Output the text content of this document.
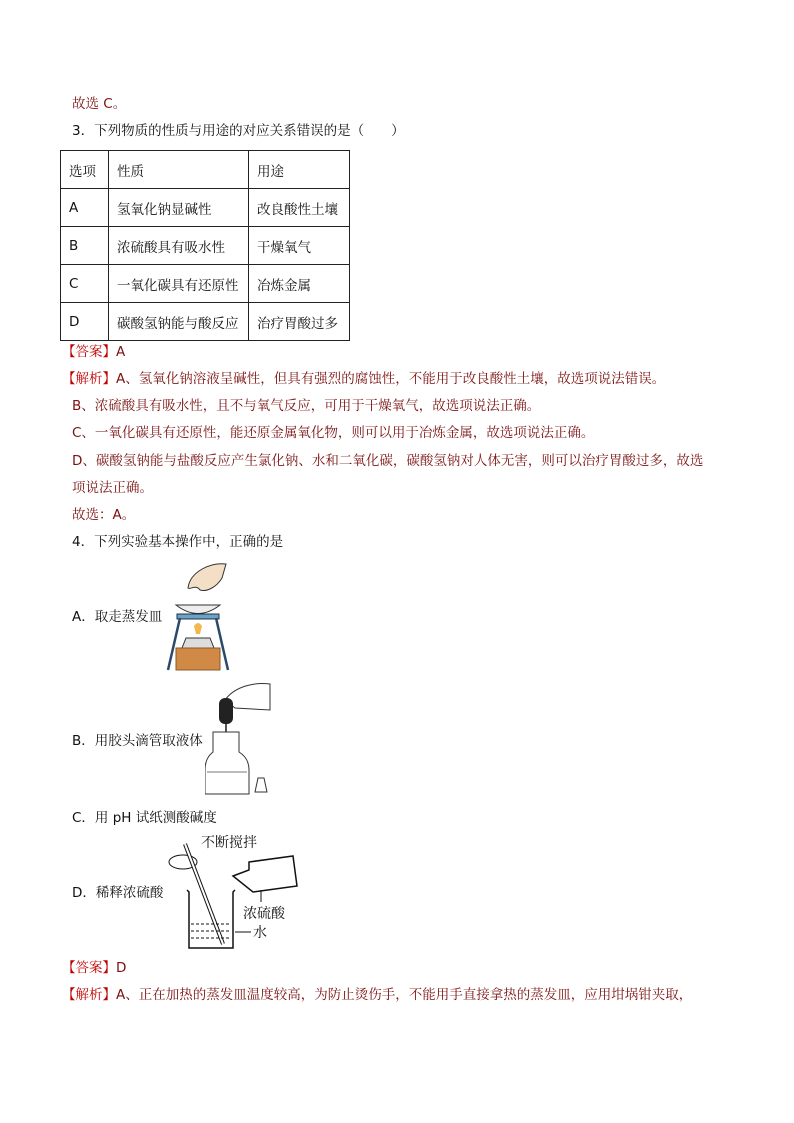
故选 C。
3．下列物质的性质与用途的对应关系错误的是（　　）
选项	性质	用途
A	氢氧化钠显碱性	改良酸性土壤
B	浓硫酸具有吸水性	干燥氧气
C	一氧化碳具有还原性	冶炼金属
D	碳酸氢钠能与酸反应	治疗胃酸过多
【答案】A
【解析】A、氢氧化钠溶液呈碱性，但具有强烈的腐蚀性，不能用于改良酸性土壤，故选项说法错误。
B、浓硫酸具有吸水性，且不与氧气反应，可用于干燥氧气，故选项说法正确。
C、一氧化碳具有还原性，能还原金属氧化物，则可以用于冶炼金属，故选项说法正确。
D、碳酸氢钠能与盐酸反应产生氯化钠、水和二氧化碳，碳酸氢钠对人体无害，则可以治疗胃酸过多，故选
项说法正确。
故选：A。
4．下列实验基本操作中，正确的是
A．取走蒸发皿
B．用胶头滴管取液体
C．用 pH 试纸测酸碱度
D．稀释浓硫酸
不断搅拌
浓硫酸
水
【答案】D
【解析】A、正在加热的蒸发皿温度较高，为防止烫伤手，不能用手直接拿热的蒸发皿，应用坩埚钳夹取，
